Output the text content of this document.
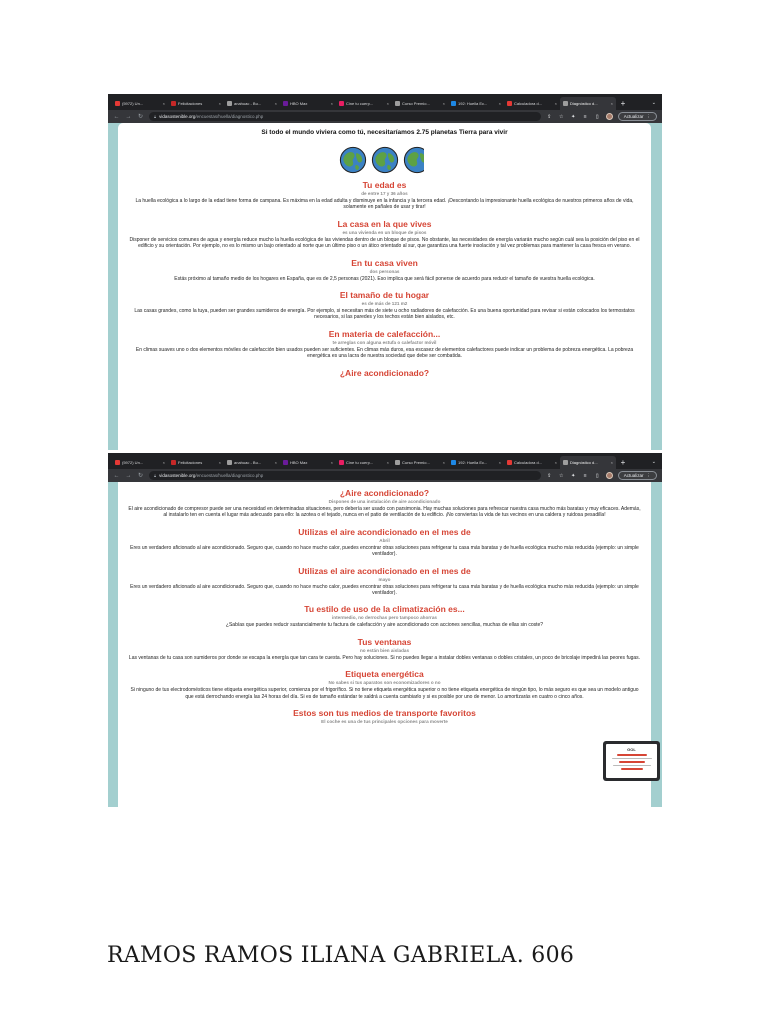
(5972) Un...	×	Felicitaciones	×	anahuac - Bu...	×	HBO Max	×	Cine tu cuerp...	×	Curso Premio...	×	192: Huella Ec...	×	Calculadora d...	×	Diagnóstico d...	× +	⌄
← → ↻	🔒︎ vidasostenible.org /encuestas/huella/diagnostico.php	⇪ ☆ ✦	≡	▯	Actualizar ⋮
Si todo el mundo viviera como tú, necesitaríamos 2.75 planetas Tierra para vivir
Tu edad es
de entre 17 y 36 años

La huella ecológica a lo largo de la edad tiene forma de campana. Es máxima en la edad adulta y disminuye en la infancia y la tercera edad. ¡Descontando la impresionante huella ecológica de nuestros primeros años de vida, solamente en pañales de usar y tirar!

La casa en la que vives
es una vivienda en un bloque de pisos

Disponer de servicios comunes de agua y energía reduce mucho la huella ecológica de las viviendas dentro de un bloque de pisos. No obstante, las necesidades de energía variarán mucho según cuál sea la posición del piso en el edificio y su orientación. Por ejemplo, no es lo mismo un bajo orientado al norte que un último piso o un ático orientado al sur, que garantiza una fuerte insolación y tal vez problemas para mantener la casa fresca en verano.

En tu casa viven
dos personas

Estás próximo al tamaño medio de los hogares en España, que es de 2,5 personas (2021). Eso implica que será fácil ponerse de acuerdo para reducir el tamaño de vuestra huella ecológica.

El tamaño de tu hogar
es de más de 121 m2

Las casas grandes, como la tuya, pueden ser grandes sumideros de energía. Por ejemplo, si necesitan más de siete u ocho radiadores de calefacción. Es una buena oportunidad para revisar si están colocados los termostatos necesarios, si las paredes y los techos están bien aislados, etc.

En materia de calefacción...
te arreglas con alguna estufa o calefactor móvil

En climas suaves uno o dos elementos móviles de calefacción bien usados pueden ser suficientes. En climas más duros, esa escasez de elementos calefactores puede indicar un problema de pobreza energética. La pobreza energética es una lacra de nuestra sociedad que debe ser combatida.

¿Aire acondicionado?
(5972) Un...	×	Felicitaciones	×	anahuac - Bu...	×	HBO Max	×	Cine tu cuerp...	×	Curso Premio...	×	192: Huella Ec...	×	Calculadora d...	×	Diagnóstico d...	× +	⌄
← → ↻	🔒︎ vidasostenible.org /encuestas/huella/diagnostico.php	⇪ ☆ ✦	≡	▯	Actualizar ⋮
¿Aire acondicionado?
Dispones de una instalación de aire acondicionado

El aire acondicionado de compresor puede ser una necesidad en determinadas situaciones, pero debería ser usado con parsimonia. Hay muchas soluciones para refrescar nuestra casa mucho más baratas y muy eficaces. Además, al instalarlo ten en cuenta el lugar más adecuado para ello: la azotea o el tejado, nunca en el patio de ventilación de tu edificio. ¡No conviertas la vida de tus vecinos en una caldera y ruidosa pesadilla!

Utilizas el aire acondicionado en el mes de
Abril

Eres un verdadero aficionado al aire acondicionado. Seguro que, cuando no hace mucho calor, puedes encontrar otras soluciones para refrigerar tu casa más baratas y de huella ecológica mucho más reducida (ejemplo: un simple ventilador).

Utilizas el aire acondicionado en el mes de
mayo

Eres un verdadero aficionado al aire acondicionado. Seguro que, cuando no hace mucho calor, puedes encontrar otras soluciones para refrigerar tu casa más baratas y de huella ecológica mucho más reducida (ejemplo: un simple ventilador).

Tu estilo de uso de la climatización es...
intermedio, no derrochas pero tampoco ahorras

¿Sabías que puedes reducir sustancialmente tu factura de calefacción y aire acondicionado con acciones sencillas, muchas de ellas sin coste?

Tus ventanas
no están bien aisladas

Las ventanas de tu casa son sumideros por donde se escapa la energía que tan cara te cuesta. Pero hay soluciones. Si no puedes llegar a instalar dobles ventanas o dobles cristales, un poco de bricolaje impedirá las peores fugas.

Etiqueta energética
No sabes si tus aparatos son economizadores o no

Si ninguno de tus electrodomésticos tiene etiqueta energética superior, comienza por el frigorífico. Si no tiene etiqueta energética superior o no tiene etiqueta energética de ningún tipo, lo más seguro es que sea un modelo antiguo que está derrochando energía las 24 horas del día. Si es de tamaño estándar te saldrá a cuenta cambiarlo y si es posible por uno de menor. Lo amortizarás en cuatro o cinco años.

Estos son tus medios de transporte favoritos
El coche es una de tus principales opciones para moverte
GOL
RAMOS RAMOS ILIANA GABRIELA. 606
